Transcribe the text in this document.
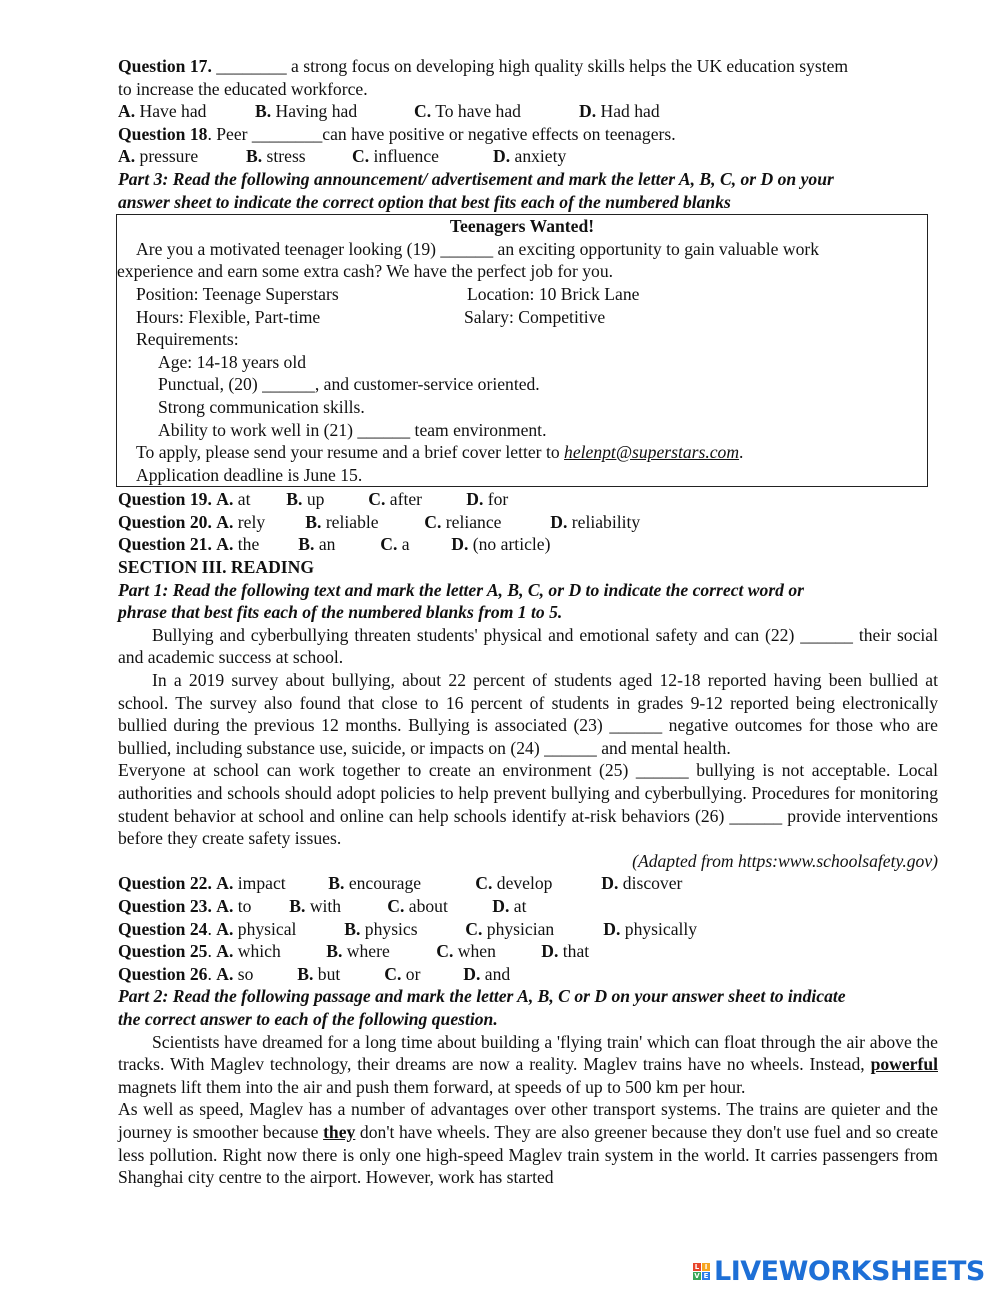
Question 17. ________ a strong focus on developing high quality skills helps the UK education system

to increase the educated workforce.

A. Have had	B. Having had	C. To have had	D. Had had

Question 18. Peer ________can have positive or negative effects on teenagers.

A. pressure	B. stress	C. influence	D. anxiety

Part 3: Read the following announcement/ advertisement and mark the letter A, B, C, or D on your

answer sheet to indicate the correct option that best fits each of the numbered blanks

Teenagers Wanted!

Are you a motivated teenager looking (19) ______ an exciting opportunity to gain valuable work

experience and earn some extra cash? We have the perfect job for you.

Position: Teenage Superstars	Location: 10 Brick Lane

Hours: Flexible, Part-time	Salary: Competitive

Requirements:

Age: 14-18 years old

Punctual, (20) ______, and customer-service oriented.

Strong communication skills.

Ability to work well in (21) ______ team environment.

To apply, please send your resume and a brief cover letter to helenpt@superstars.com.

Application deadline is June 15.

Question 19. A. at B. up C. after	D. for

Question 20. A. rely B. reliable	C. reliance	D. reliability

Question 21. A. the B. an	C. a D. (no article)

SECTION III. READING

Part 1: Read the following text and mark the letter A, B, C, or D to indicate the correct word or

phrase that best fits each of the numbered blanks from 1 to 5.

Bullying and cyberbullying threaten students' physical and emotional safety and can (22) ______ their social and academic success at school.

In a 2019 survey about bullying, about 22 percent of students aged 12-18 reported having been bullied at school. The survey also found that close to 16 percent of students in grades 9-12 reported being electronically bullied during the previous 12 months. Bullying is associated (23) ______ negative outcomes for those who are bullied, including substance use, suicide, or impacts on (24) ______ and mental health.

Everyone at school can work together to create an environment (25) ______ bullying is not acceptable. Local authorities and schools should adopt policies to help prevent bullying and cyberbullying. Procedures for monitoring student behavior at school and online can help schools identify at-risk behaviors (26) ______ provide interventions before they create safety issues.

(Adapted from https:www.schoolsafety.gov)

Question 22. A. impact B. encourage	C. develop	D. discover

Question 23. A. to B. with	C. about	D. at

Question 24. A. physical	B. physics	C. physician	D. physically

Question 25. A. which	B. where	C. when	D. that

Question 26. A. so B. but C. or D. and

Part 2: Read the following passage and mark the letter A, B, C or D on your answer sheet to indicate

the correct answer to each of the following question.

Scientists have dreamed for a long time about building a 'flying train' which can float through the air above the tracks. With Maglev technology, their dreams are now a reality. Maglev trains have no wheels. Instead, powerful magnets lift them into the air and push them forward, at speeds of up to 500 km per hour.

As well as speed, Maglev has a number of advantages over other transport systems. The trains are quieter and the journey is smoother because they don't have wheels. They are also greener because they don't use fuel and so create less pollution. Right now there is only one high-speed Maglev train system in the world. It carries passengers from Shanghai city centre to the airport. However, work has started

L I
V E LIVEWORKSHEETS
